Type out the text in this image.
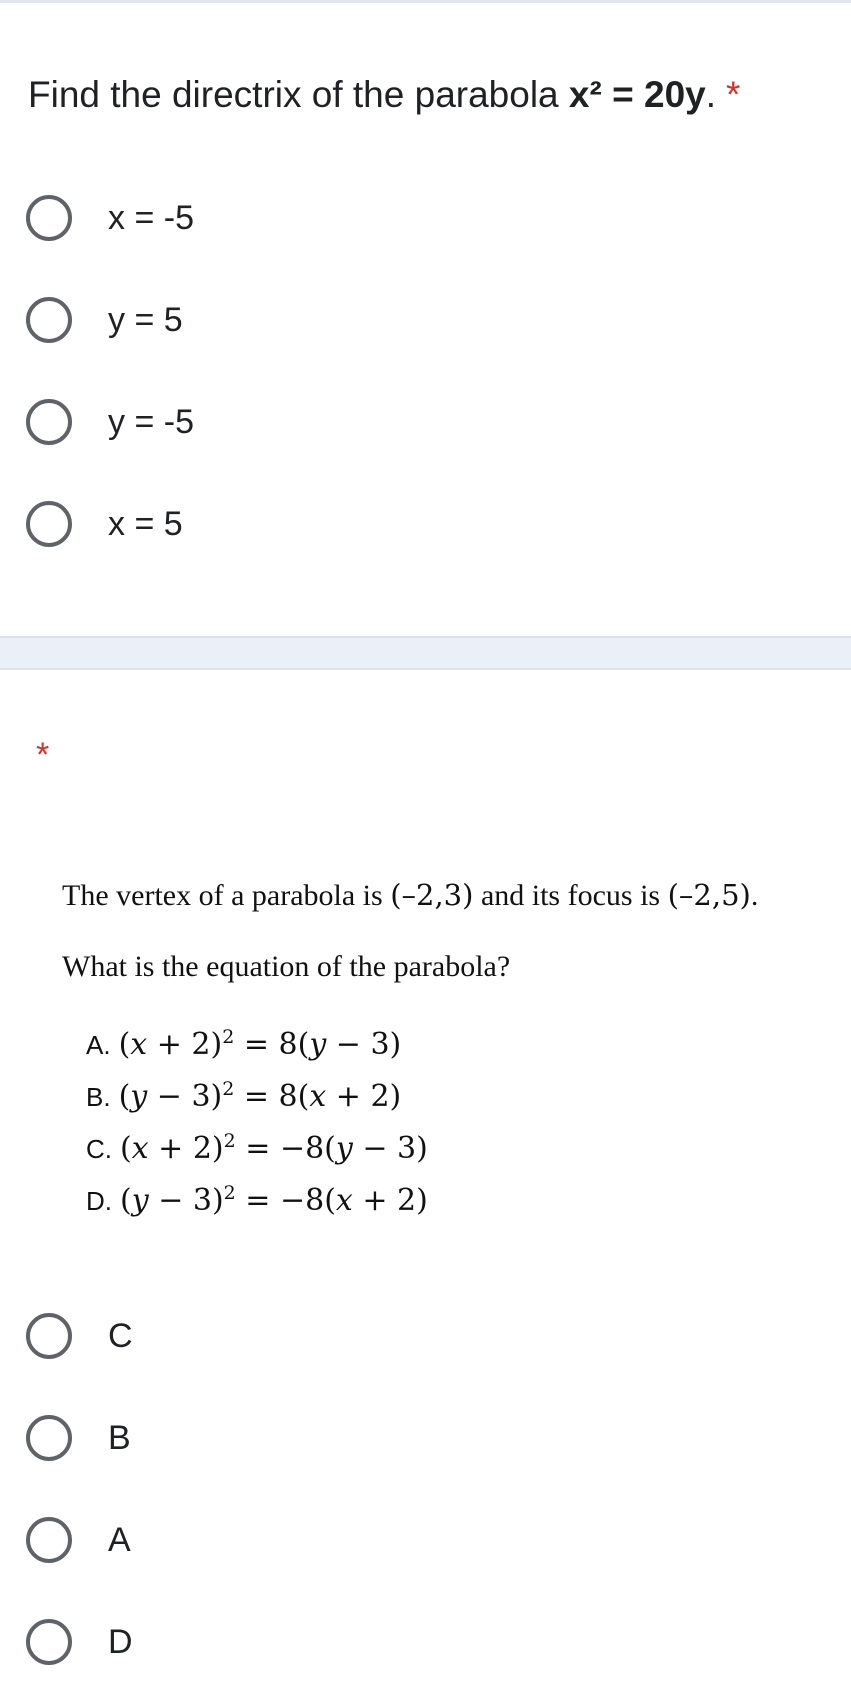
Find the directrix of the parabola x² = 20y. *
x = -5
y = 5
y = -5
x = 5
*
The vertex of a parabola is (–2,3) and its focus is (–2,5).
What is the equation of the parabola?
A. $(x + 2)^2 = 8(y - 3)$
B. $(y - 3)^2 = 8(x + 2)$
C. $(x + 2)^2 = -8(y - 3)$
D. $(y - 3)^2 = -8(x + 2)$
C
B
A
D
